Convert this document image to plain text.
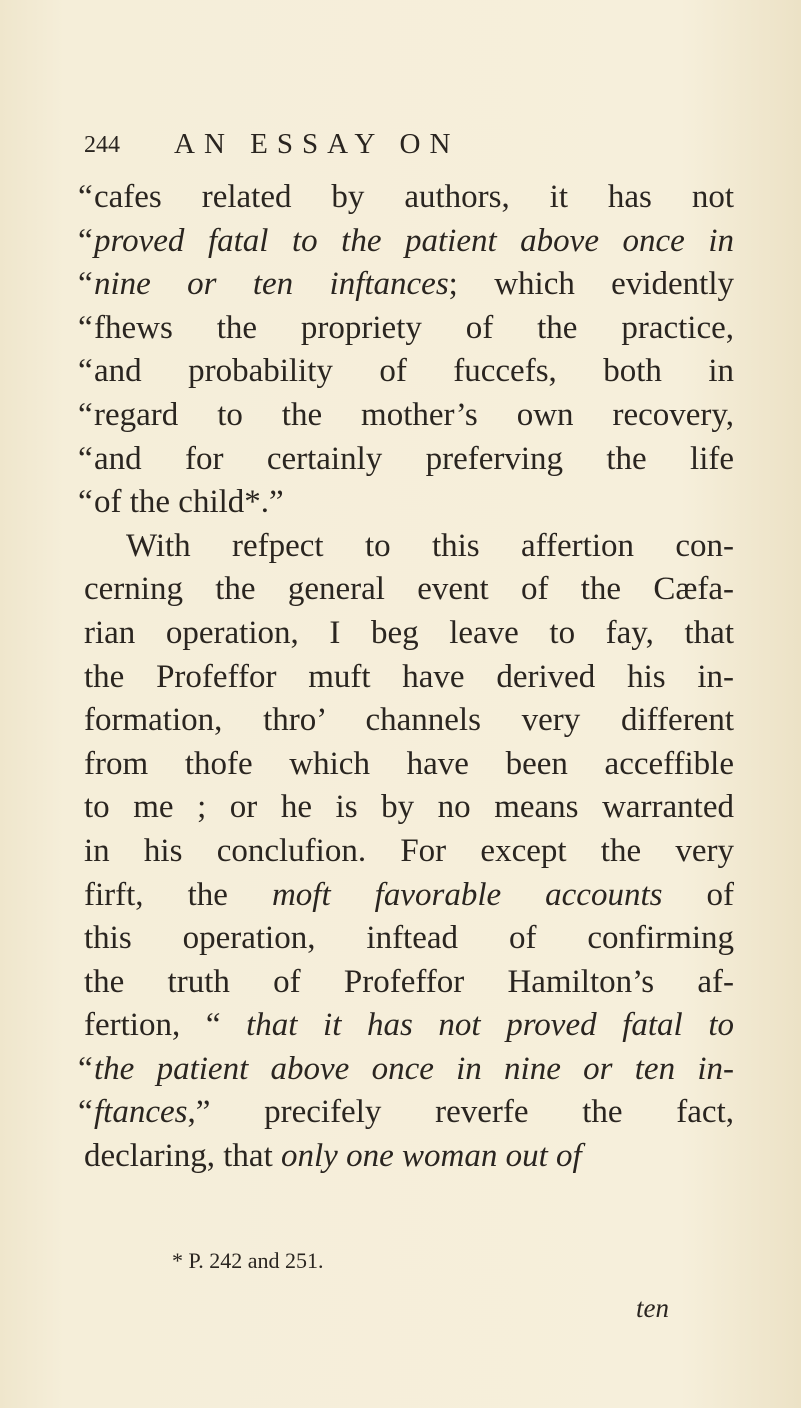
244 AN ESSAY ON
“cafes related by authors, it has not
“proved fatal to the patient above once in
“nine or ten inftances; which evidently
“fhews the propriety of the practice,
“and probability of fuccefs, both in
“regard to the mother’s own recovery,
“and for certainly preferving the life
“of the child*.”
With refpect to this affertion con-
cerning the general event of the Cæfa-
rian operation, I beg leave to fay, that
the Profeffor muft have derived his in-
formation, thro’ channels very different
from thofe which have been acceffible
to me ; or he is by no means warranted
in his conclufion. For except the very
firft, the moft favorable accounts of
this operation, inftead of confirming
the truth of Profeffor Hamilton’s af-
fertion, “ that it has not proved fatal to
“the patient above once in nine or ten in-
“ftances,” precifely reverfe the fact,
declaring, that only one woman out of
* P. 242 and 251.
ten
